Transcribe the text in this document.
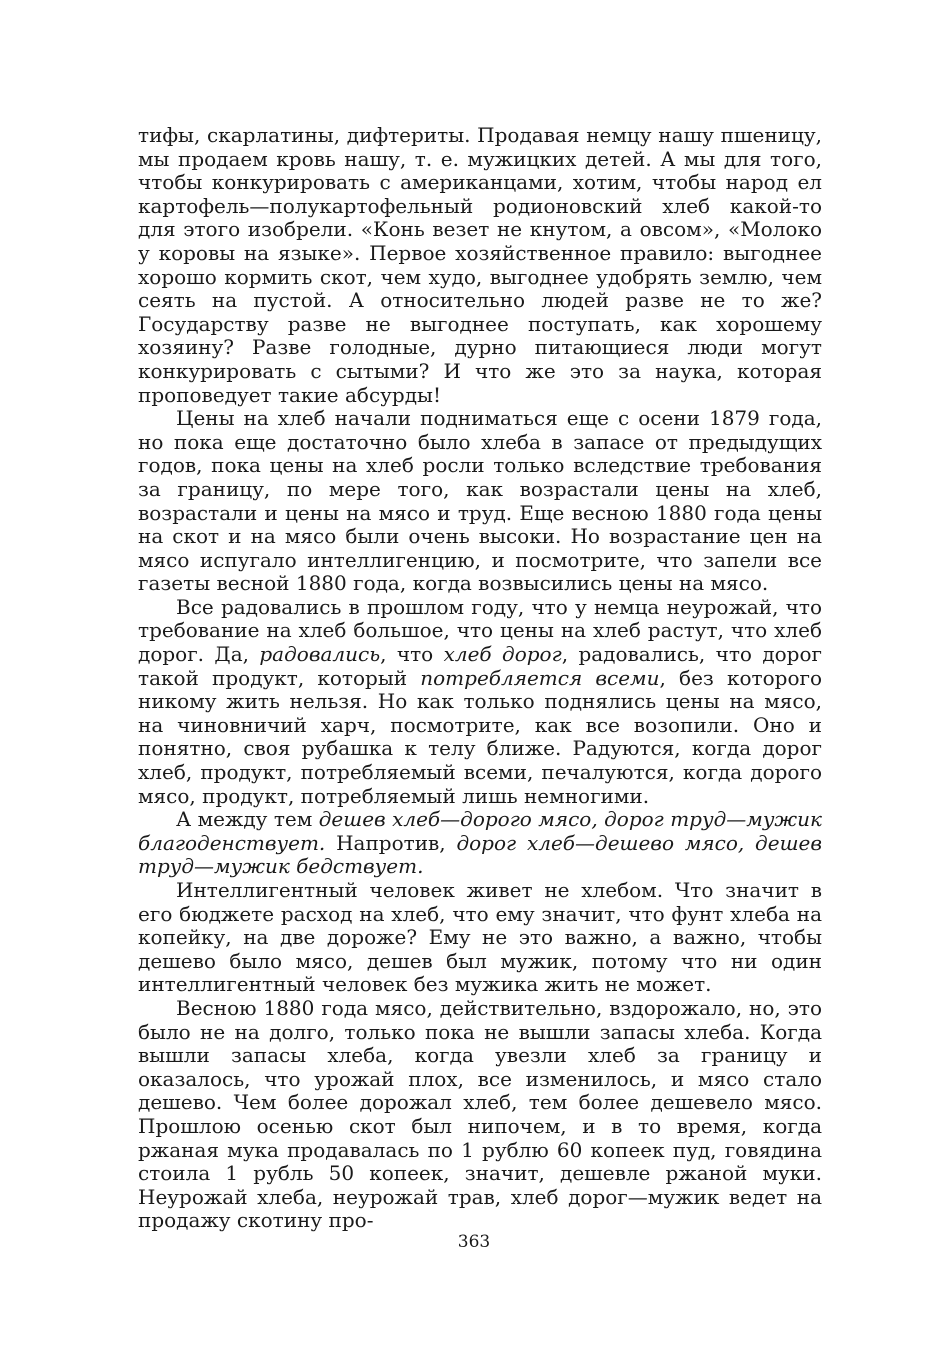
тифы, скарлатины, дифтериты. Продавая немцу нашу пшеницу, мы продаем кровь нашу, т. е. мужицких детей. А мы для того, чтобы конкурировать с американцами, хотим, чтобы народ ел картофель—полукартофельный родионовский хлеб какой-то для этого изобрели. «Конь везет не кнутом, а овсом», «Молоко у коровы на языке». Первое хозяйственное правило: выгоднее хорошо кормить скот, чем худо, выгоднее удобрять землю, чем сеять на пустой. А относительно людей разве не то же? Государству разве не выгоднее поступать, как хорошему хозяину? Разве голодные, дурно питающиеся люди могут конкурировать с сытыми? И что же это за наука, которая проповедует такие абсурды!

Цены на хлеб начали подниматься еще с осени 1879 года, но пока еще достаточно было хлеба в запасе от предыдущих годов, пока цены на хлеб росли только вследствие требования за границу, по мере того, как возрастали цены на хлеб, возрастали и цены на мясо и труд. Еще весною 1880 года цены на скот и на мясо были очень высоки. Но возрастание цен на мясо испугало интеллигенцию, и посмотрите, что запели все газеты весной 1880 года, когда возвысились цены на мясо.

Все радовались в прошлом году, что у немца неурожай, что требование на хлеб большое, что цены на хлеб растут, что хлеб дорог. Да, радовались, что хлеб дорог, радовались, что дорог такой продукт, который потребляется всеми, без которого никому жить нельзя. Но как только поднялись цены на мясо, на чиновничий харч, посмотрите, как все возопили. Оно и понятно, своя рубашка к телу ближе. Радуются, когда дорог хлеб, продукт, потребляемый всеми, печалуются, когда дорого мясо, продукт, потребляемый лишь немногими.

А между тем дешев хлеб—дорого мясо, дорог труд—мужик благоденствует. Напротив, дорог хлеб—дешево мясо, дешев труд—мужик бедствует.

Интеллигентный человек живет не хлебом. Что значит в его бюджете расход на хлеб, что ему значит, что фунт хлеба на копейку, на две дороже? Ему не это важно, а важно, чтобы дешево было мясо, дешев был мужик, потому что ни один интеллигентный человек без мужика жить не может.

Весною 1880 года мясо, действительно, вздорожало, но, это было не на долго, только пока не вышли запасы хлеба. Когда вышли запасы хлеба, когда увезли хлеб за границу и оказалось, что урожай плох, все изменилось, и мясо стало дешево. Чем более дорожал хлеб, тем более дешевело мясо. Прошлою осенью скот был нипочем, и в то время, когда ржаная мука продавалась по 1 рублю 60 копеек пуд, говядина стоила 1 рубль 50 копеек, значит, дешевле ржаной муки. Неурожай хлеба, неурожай трав, хлеб дорог—мужик ведет на продажу скотину про-

363
